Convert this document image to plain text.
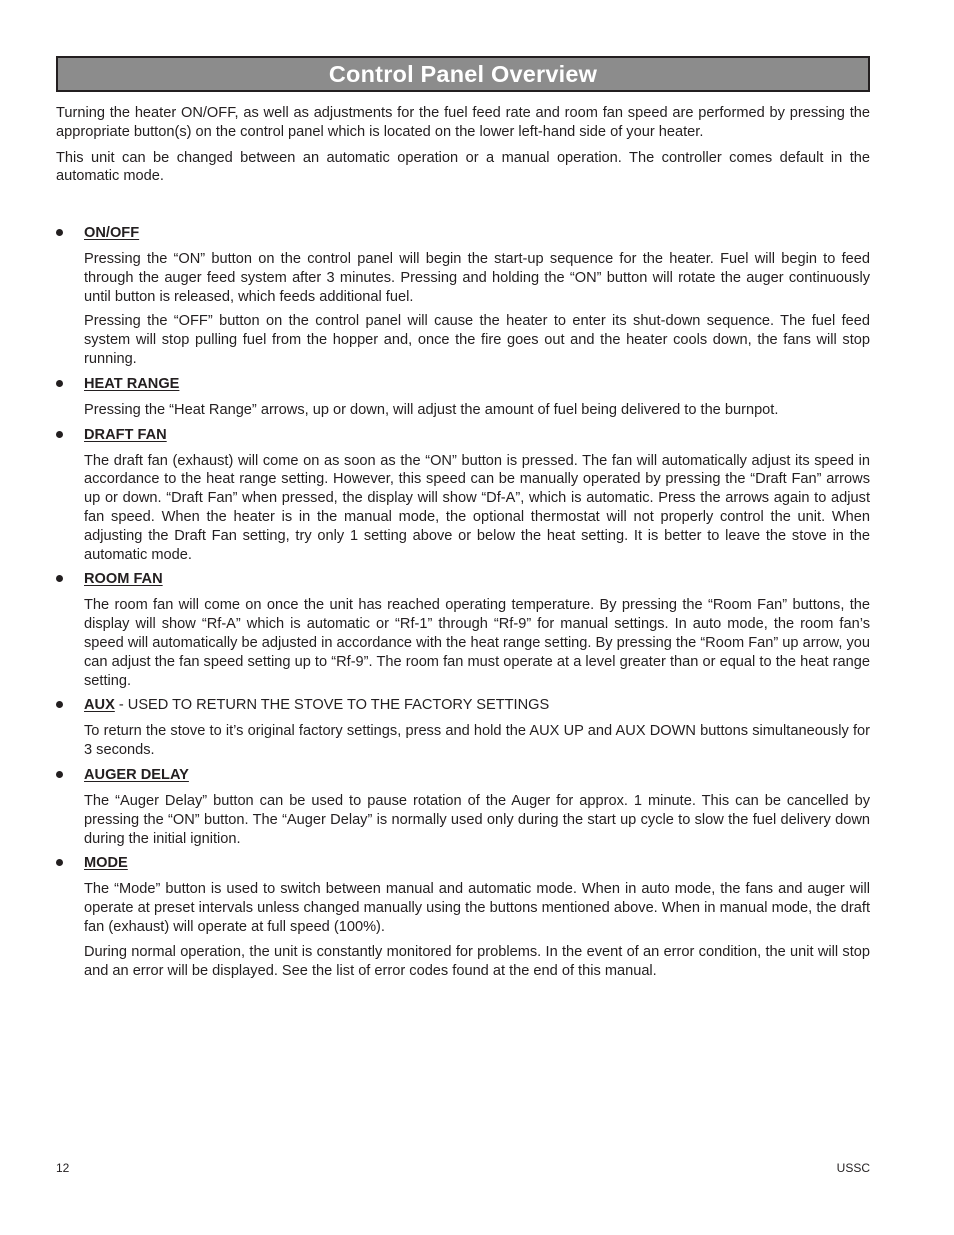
Control Panel Overview

Turning the heater ON/OFF, as well as adjustments for the fuel feed rate and room fan speed are performed by pressing the appropriate button(s) on the control panel which is located on the lower left-hand side of your heater.

This unit can be changed between an automatic operation or a manual operation. The controller comes default in the automatic mode.

ON/OFF

Pressing the “ON” button on the control panel will begin the start-up sequence for the heater. Fuel will begin to feed through the auger feed system after 3 minutes. Pressing and holding the “ON” button will rotate the auger continuously until button is released, which feeds additional fuel.

Pressing the “OFF” button on the control panel will cause the heater to enter its shut-down sequence. The fuel feed system will stop pulling fuel from the hopper and, once the fire goes out and the heater cools down, the fans will stop running.

HEAT RANGE

Pressing the “Heat Range” arrows, up or down, will adjust the amount of fuel being delivered to the burnpot.

DRAFT FAN

The draft fan (exhaust) will come on as soon as the “ON” button is pressed. The fan will automatically adjust its speed in accordance to the heat range setting. However, this speed can be manually operated by pressing the “Draft Fan” arrows up or down. “Draft Fan” when pressed, the display will show “Df-A”, which is automatic. Press the arrows again to adjust fan speed. When the heater is in the manual mode, the optional thermostat will not properly control the unit. When adjusting the Draft Fan setting, try only 1 setting above or below the heat setting. It is better to leave the stove in the automatic mode.

ROOM FAN

The room fan will come on once the unit has reached operating temperature. By pressing the “Room Fan” buttons, the display will show “Rf-A” which is automatic or “Rf-1” through “Rf-9” for manual settings. In auto mode, the room fan’s speed will automatically be adjusted in accordance with the heat range setting. By pressing the “Room Fan” up arrow, you can adjust the fan speed setting up to “Rf-9”. The room fan must operate at a level greater than or equal to the heat range setting.

AUX - USED TO RETURN THE STOVE TO THE FACTORY SETTINGS

To return the stove to it’s original factory settings, press and hold the AUX UP and AUX DOWN buttons simultaneously for 3 seconds.

AUGER DELAY

The “Auger Delay” button can be used to pause rotation of the Auger for approx. 1 minute. This can be cancelled by pressing the “ON” button. The “Auger Delay” is normally used only during the start up cycle to slow the fuel delivery down during the initial ignition.

MODE

The “Mode” button is used to switch between manual and automatic mode. When in auto mode, the fans and auger will operate at preset intervals unless changed manually using the buttons mentioned above. When in manual mode, the draft fan (exhaust) will operate at full speed (100%).

During normal operation, the unit is constantly monitored for problems. In the event of an error condition, the unit will stop and an error will be displayed. See the list of error codes found at the end of this manual.

12	USSC
